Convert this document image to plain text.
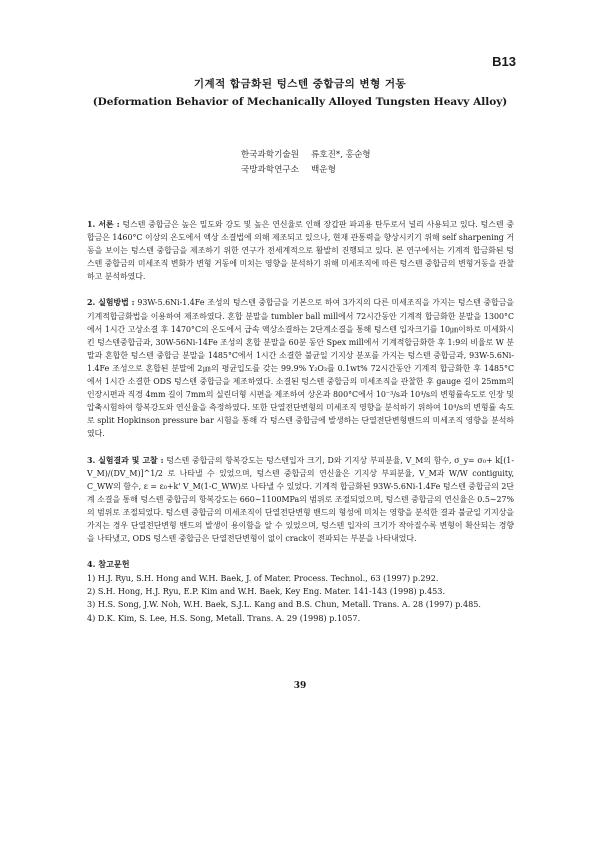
B13
기계적 합금화된 텅스텐 중합금의 변형 거동
(Deformation Behavior of Mechanically Alloyed Tungsten Heavy Alloy)
한국과학기술원 류호진*, 홍순형
국방과학연구소 백운형

1. 서론 : 텅스텐 중합금은 높은 밀도와 강도 및 높은 연신율로 인해 장갑판 파괴용 탄두로서 널리 사용되고 있다. 텅스텐 중합금은 1460°C 이상의 온도에서 액상 소결법에 의해 제조되고 있으나, 현재 관통력을 향상시키기 위해 self sharpening 거동을 보이는 텅스텐 중합금을 제조하기 위한 연구가 전세계적으로 활발히 진행되고 있다. 본 연구에서는 기계적 합금화된 텅스텐 중합금의 미세조직 변화가 변형 거동에 미치는 영향을 분석하기 위해 미세조직에 따른 텅스텐 중합금의 변형거동을 관찰하고 분석하였다.

2. 실험방법 : 93W-5.6Ni-1.4Fe 조성의 텅스텐 중합금을 기본으로 하여 3가지의 다른 미세조직을 가지는 텅스텐 중합금을 기계적합금화법을 이용하여 제조하였다. 혼합 분말을 tumbler ball mill에서 72시간동안 기계적 합금화한 분말을 1300°C에서 1시간 고상소결 후 1470°C의 온도에서 급속 액상소결하는 2단계소결을 통해 텅스텐 입자크기를 10㎛이하로 미세화시킨 텅스텐중합금과, 30W-56Ni-14Fe 조성의 혼합 분말을 60분 동안 Spex mill에서 기계적합금화한 후 1:9의 비율로 W 분말과 혼합한 텅스텐 중합금 분말을 1485°C에서 1시간 소결한 불균일 기지상 분포를 가지는 텅스텐 중합금과, 93W-5.6Ni-1.4Fe 조성으로 혼합된 분말에 2㎛의 평균입도를 갖는 99.9% Y₂O₃를 0.1wt% 72시간동안 기계적 합금화한 후 1485°C에서 1시간 소결한 ODS 텅스텐 중합금을 제조하였다. 소결된 텅스텐 중합금의 미세조직을 관찰한 후 gauge 길이 25mm의 인장시편과 직경 4mm 길이 7mm의 실린더형 시편을 제조하여 상온과 800°C에서 10⁻³/s과 10⁴/s의 변형률속도로 인장 및 압축시험하여 항복강도와 연신율을 측정하였다. 또한 단열전단변형의 미세조직 영향을 분석하기 위하여 10⁴/s의 변형률 속도로 split Hopkinson pressure bar 시험을 통해 각 텅스텐 중합금에 발생하는 단열전단변형밴드의 미세조직 영향을 분석하였다.

3. 실험결과 및 고찰 : 텅스텐 중합금의 항복강도는 텅스텐입자 크기, D와 기지상 부피분율, V_M의 함수, σ_y= σ₀+ k[(1-V_M)/(DV_M)]^1/2 로 나타낼 수 있었으며, 텅스텐 중합금의 연신율은 기지상 부피분율, V_M과 W/W contiguity, C_WW의 함수, ε = ε₀+k' V_M(1-C_WW)로 나타낼 수 있었다. 기계적 합금화된 93W-5.6Ni-1.4Fe 텅스텐 중합금의 2단계 소결을 통해 텅스텐 중합금의 항복강도는 660~1100MPa의 범위로 조절되었으며, 텅스텐 중합금의 연신율은 0.5~27%의 범위로 조절되었다. 텅스텐 중합금의 미세조직이 단열전단변형 밴드의 형성에 미치는 영향을 분석한 결과 불균일 기지상을 가지는 경우 단열전단변형 밴드의 발생이 용이함을 알 수 있었으며, 텅스텐 입자의 크기가 작아질수록 변형이 확산되는 경향을 나타냈고, ODS 텅스텐 중합금은 단열전단변형이 없이 crack이 전파되는 부분을 나타내었다.

4. 참고문헌

1) H.J. Ryu, S.H. Hong and W.H. Baek, J. of Mater. Process. Technol., 63 (1997) p.292.

2) S.H. Hong, H.J. Ryu, E.P. Kim and W.H. Baek, Key Eng. Mater. 141-143 (1998) p.453.

3) H.S. Song, J.W. Noh, W.H. Baek, S.J.L. Kang and B.S. Chun, Metall. Trans. A. 28 (1997) p.485.

4) D.K. Kim, S. Lee, H.S. Song, Metall. Trans. A. 29 (1998) p.1057.

39
